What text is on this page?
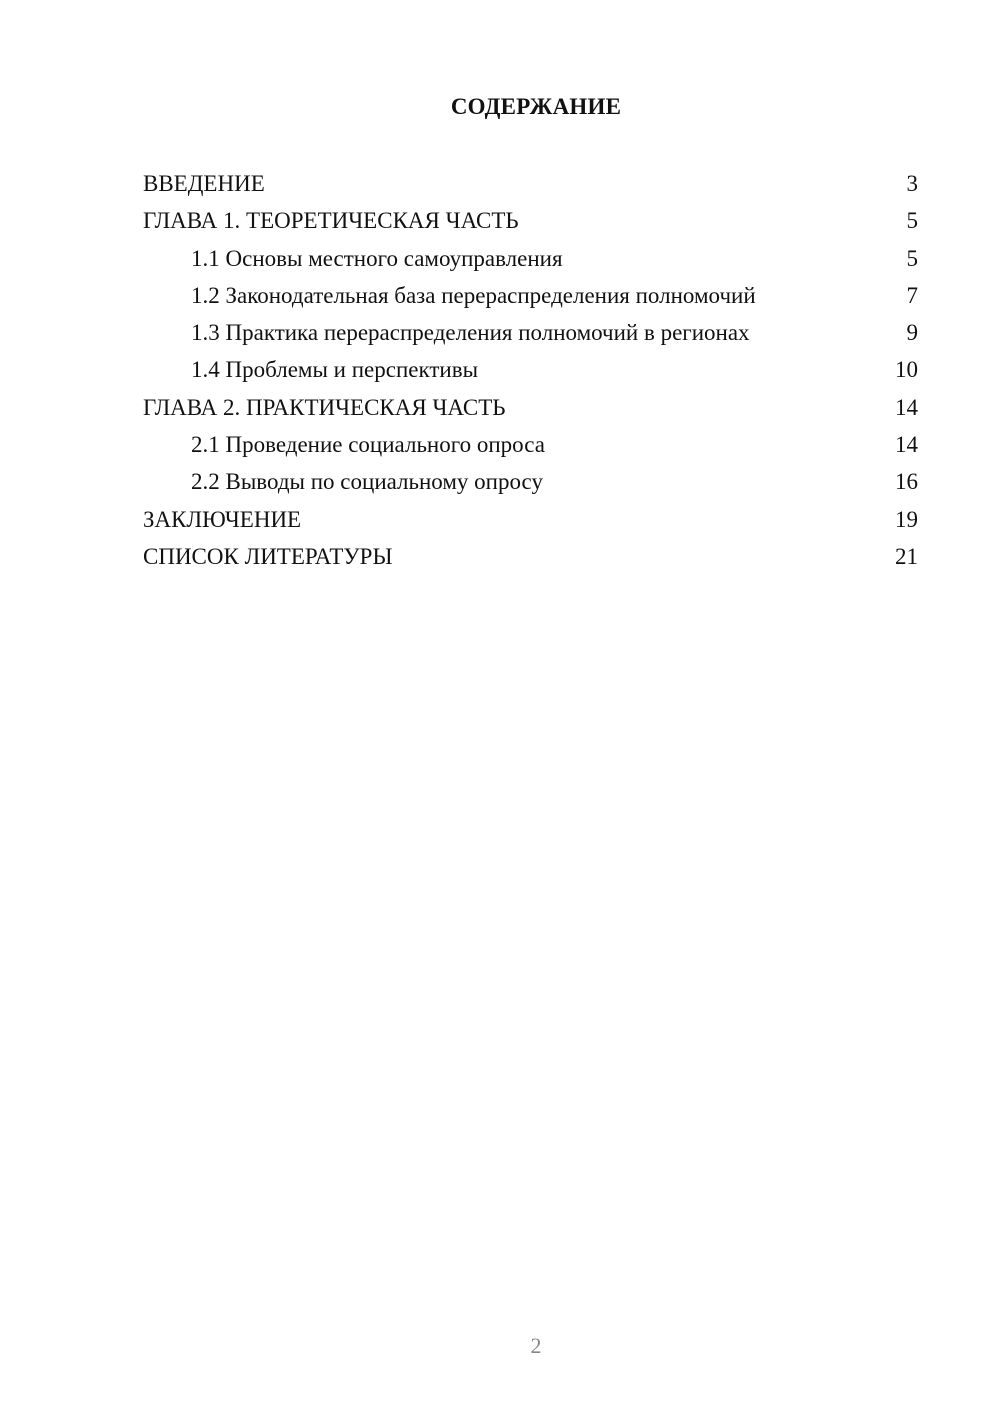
СОДЕРЖАНИЕ
ВВЕДЕНИЕ	3
ГЛАВА 1. ТЕОРЕТИЧЕСКАЯ ЧАСТЬ	5
1.1 Основы местного самоуправления	5
1.2 Законодательная база перераспределения полномочий	7
1.3 Практика перераспределения полномочий в регионах	9
1.4 Проблемы и перспективы	10
ГЛАВА 2. ПРАКТИЧЕСКАЯ ЧАСТЬ	14
2.1 Проведение социального опроса	14
2.2 Выводы по социальному опросу	16
ЗАКЛЮЧЕНИЕ	19
СПИСОК ЛИТЕРАТУРЫ	21
2
